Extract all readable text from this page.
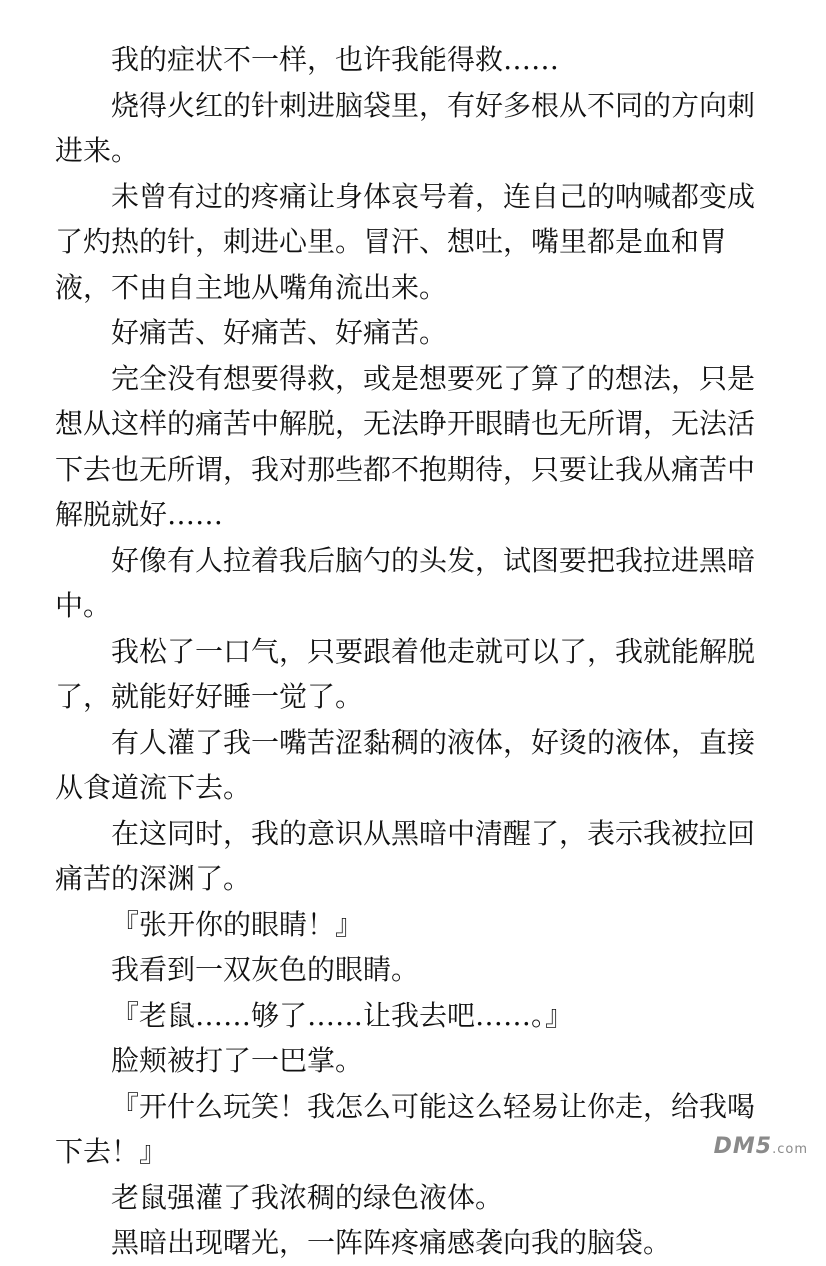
我的症状不一样，也许我能得救……

烧得火红的针刺进脑袋里，有好多根从不同的方向刺进来。

未曾有过的疼痛让身体哀号着，连自己的呐喊都变成了灼热的针，刺进心里。冒汗、想吐，嘴里都是血和胃液，不由自主地从嘴角流出来。

好痛苦、好痛苦、好痛苦。

完全没有想要得救，或是想要死了算了的想法，只是想从这样的痛苦中解脱，无法睁开眼睛也无所谓，无法活下去也无所谓，我对那些都不抱期待，只要让我从痛苦中解脱就好……

好像有人拉着我后脑勺的头发，试图要把我拉进黑暗中。

我松了一口气，只要跟着他走就可以了，我就能解脱了，就能好好睡一觉了。

有人灌了我一嘴苦涩黏稠的液体，好烫的液体，直接从食道流下去。

在这同时，我的意识从黑暗中清醒了，表示我被拉回痛苦的深渊了。

『张开你的眼睛！』

我看到一双灰色的眼睛。

『老鼠……够了……让我去吧……。』

脸颊被打了一巴掌。

『开什么玩笑！我怎么可能这么轻易让你走，给我喝下去！』

老鼠强灌了我浓稠的绿色液体。

黑暗出现曙光，一阵阵疼痛感袭向我的脑袋。

DM5.com
